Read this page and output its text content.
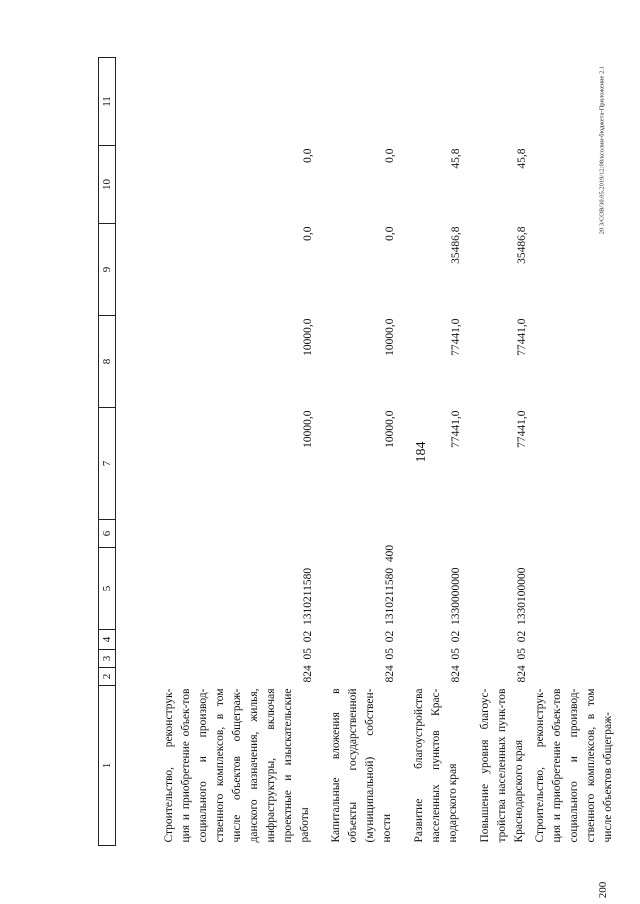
184
20 3/СОВ/30.05.2019/12:08/ксолин-бюджета-Приложение 2.1
200
1	2	3	4	5	6	7	8	9	10	11
Строительство, реконструк-ция и приобретение объек-тов социального и производ-ственного комплексов, в том числе объектов общеграж-данского назначения, жилья, инфраструктуры, включая проектные и изыскательские работы	824  05  02  1310211580					10000,0	10000,0	0,0	0,0	
Капитальные вложения в объекты государственной (муниципальной) собствен-ности	824  05  02  1310211580  400					10000,0	10000,0	0,0	0,0	
Развитие благоустройства населенных пунктов Крас-нодарского края	824  05  02  1330000000					77441,0	77441,0	35486,8	45,8	
Повышение уровня благоус-тройства населенных пунк-тов Краснодарского края	824  05  02  1330100000					77441,0	77441,0	35486,8	45,8	
Строительство, реконструк-ция и приобретение объек-тов социального и производ-ственного комплексов, в том числе объектов общеграж-										
